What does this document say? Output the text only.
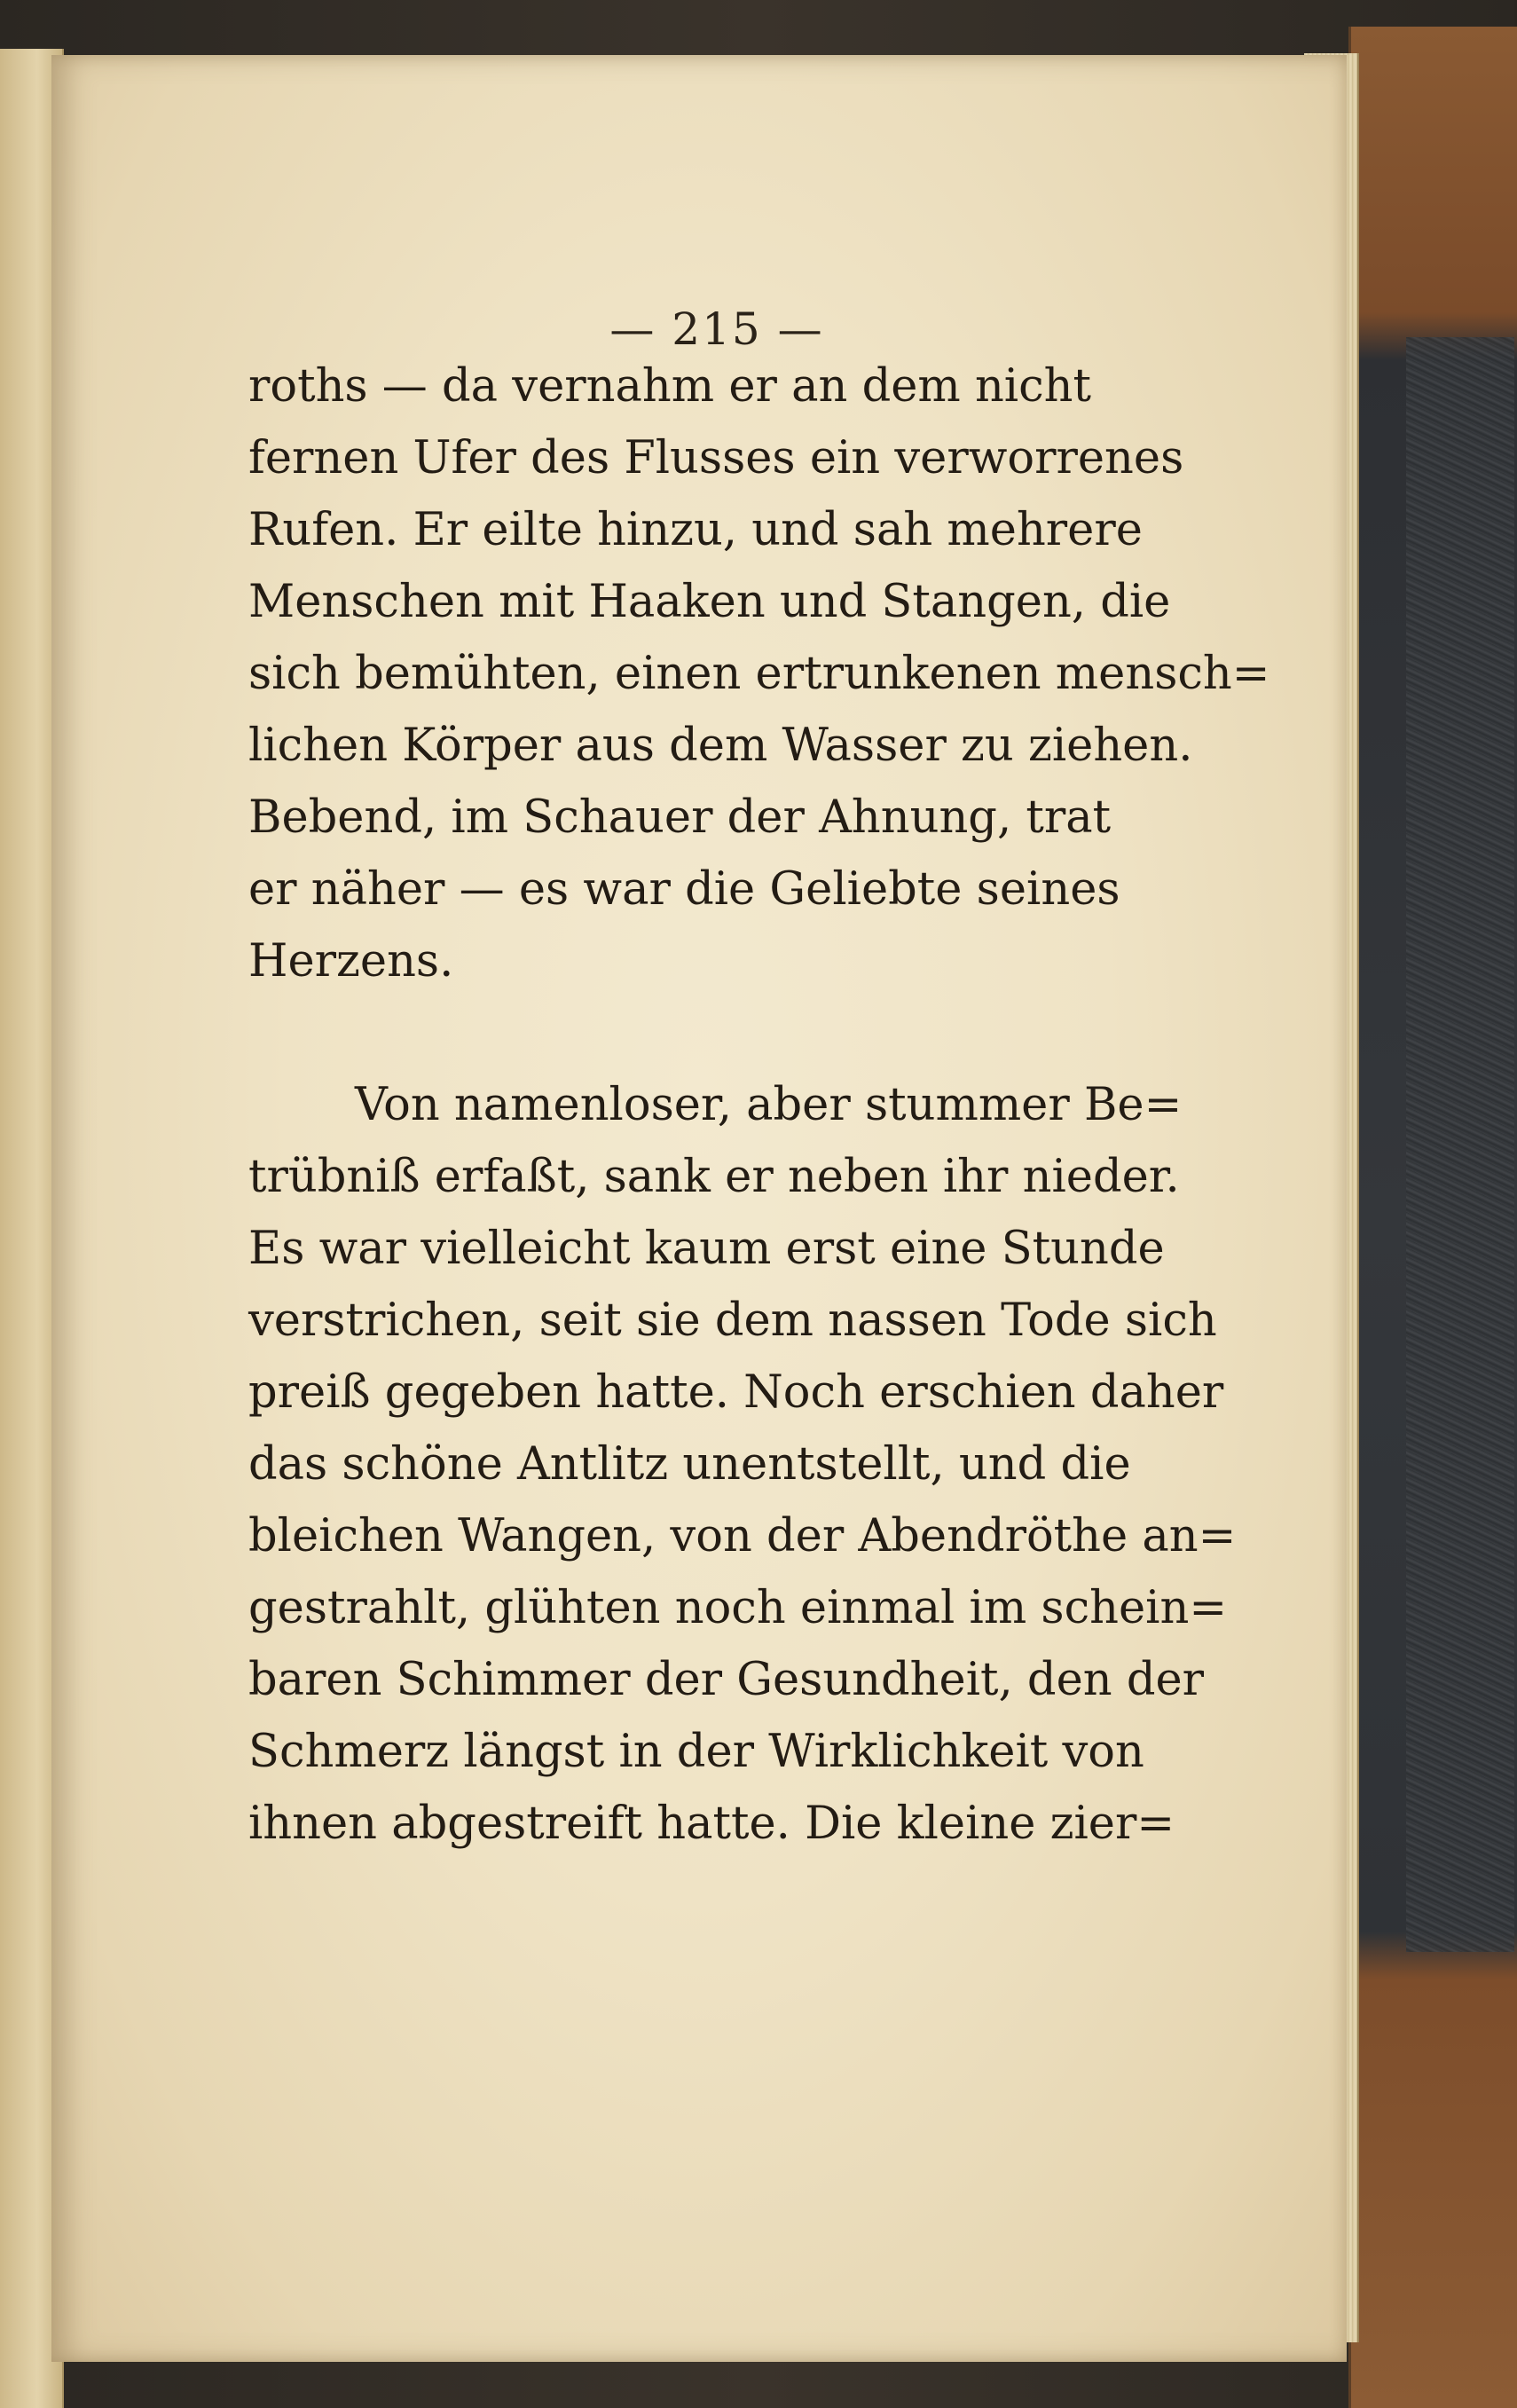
— 215 —
roths — da vernahm er an dem nicht
fernen Ufer des Flusses ein verworrenes
Rufen. Er eilte hinzu, und sah mehrere
Menschen mit Haaken und Stangen, die
sich bemühten, einen ertrunkenen mensch=
lichen Körper aus dem Wasser zu ziehen.
Bebend, im Schauer der Ahnung, trat
er näher — es war die Geliebte seines
Herzens.
Von namenloser, aber stummer Be=
trübniß erfaßt, sank er neben ihr nieder.
Es war vielleicht kaum erst eine Stunde
verstrichen, seit sie dem nassen Tode sich
preiß gegeben hatte. Noch erschien daher
das schöne Antlitz unentstellt, und die
bleichen Wangen, von der Abendröthe an=
gestrahlt, glühten noch einmal im schein=
baren Schimmer der Gesundheit, den der
Schmerz längst in der Wirklichkeit von
ihnen abgestreift hatte. Die kleine zier=
